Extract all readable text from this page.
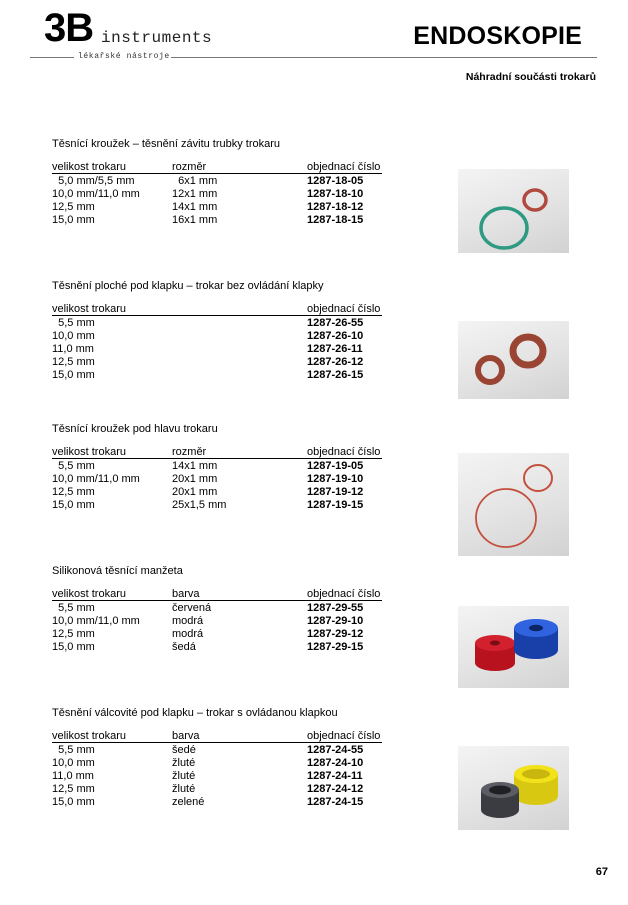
3B instruments
lékařské nástroje
ENDOSKOPIE
Náhradní součásti trokarů
Těsnící kroužek – těsnění závitu trubky trokaru
velikost trokaru	rozměr	objednací číslo
5,0 mm/5,5 mm	6x1 mm	1287-18-05
10,0 mm/11,0 mm	12x1 mm	1287-18-10
12,5 mm	14x1 mm	1287-18-12
15,0 mm	16x1 mm	1287-18-15
Těsnění ploché pod klapku – trokar bez ovládání klapky
velikost trokaru	objednací číslo
5,5 mm	1287-26-55
10,0 mm	1287-26-10
11,0 mm	1287-26-11
12,5 mm	1287-26-12
15,0 mm	1287-26-15
Těsnící kroužek pod hlavu trokaru
velikost trokaru	rozměr	objednací číslo
5,5 mm	14x1 mm	1287-19-05
10,0 mm/11,0 mm	20x1 mm	1287-19-10
12,5 mm	20x1 mm	1287-19-12
15,0 mm	25x1,5 mm	1287-19-15
Silikonová těsnící manžeta
velikost trokaru	barva	objednací číslo
5,5 mm	červená	1287-29-55
10,0 mm/11,0 mm	modrá	1287-29-10
12,5 mm	modrá	1287-29-12
15,0 mm	šedá	1287-29-15
Těsnění válcovité pod klapku – trokar s ovládanou klapkou
velikost trokaru	barva	objednací číslo
5,5 mm	šedé	1287-24-55
10,0 mm	žluté	1287-24-10
11,0 mm	žluté	1287-24-11
12,5 mm	žluté	1287-24-12
15,0 mm	zelené	1287-24-15
67
